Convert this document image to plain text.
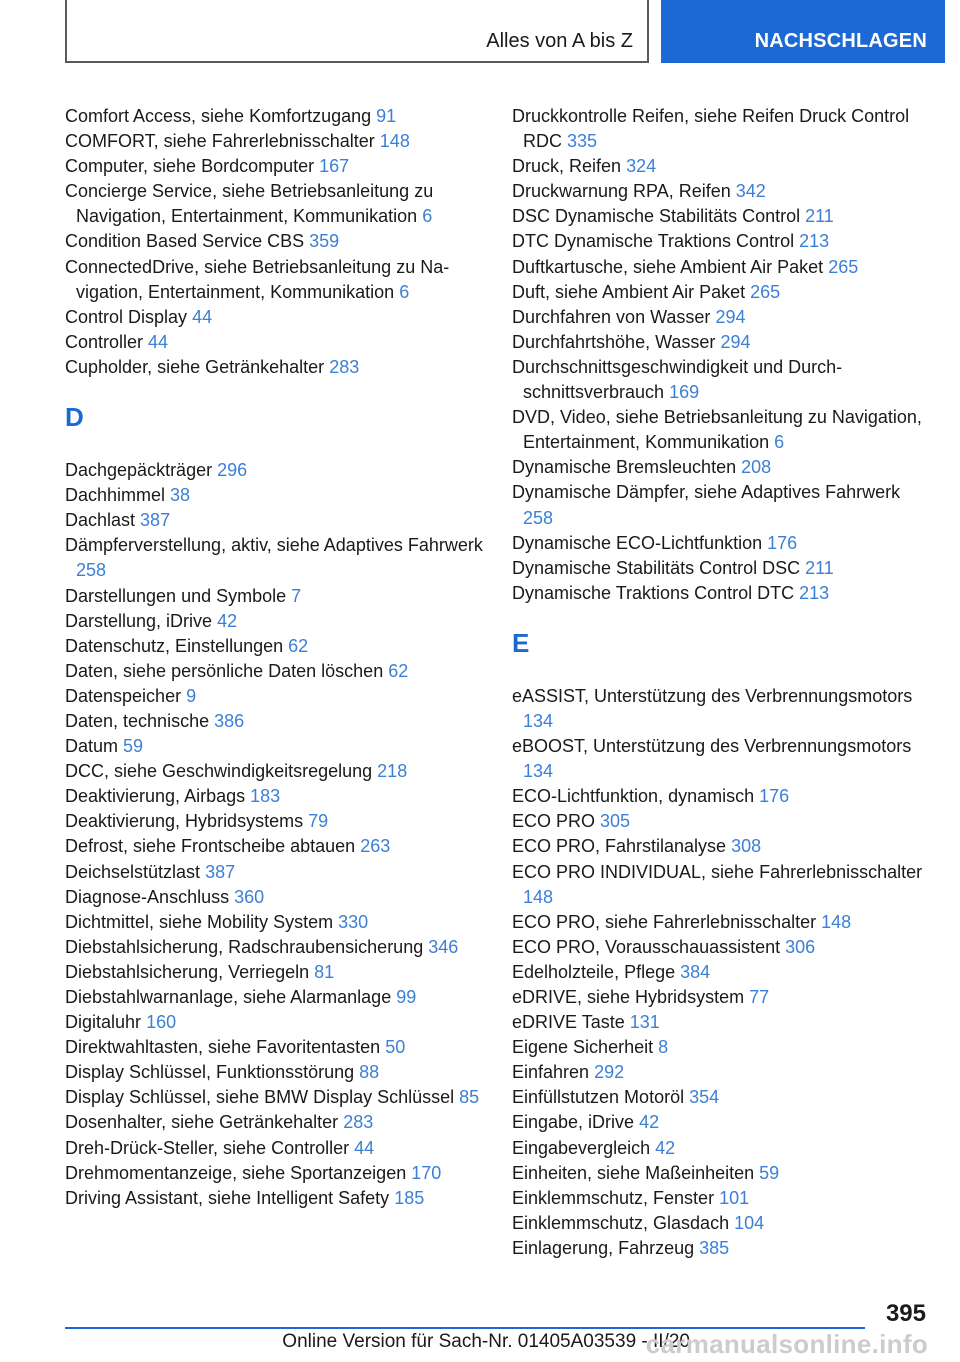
Alles von A bis Z	NACHSCHLAGEN
Comfort Access, siehe Komfortzugang 91
COMFORT, siehe Fahrerlebnisschalter 148
Computer, siehe Bordcomputer 167
Concierge Service, siehe Betriebsanleitung zu Navigation, Entertainment, Kommunikation 6
Condition Based Service CBS 359
ConnectedDrive, siehe Betriebsanleitung zu Navigation, Entertainment, Kommunikation 6
Control Display 44
Controller 44
Cupholder, siehe Getränkehalter 283
D
Dachgepäckträger 296
Dachhimmel 38
Dachlast 387
Dämpferverstellung, aktiv, siehe Adaptives Fahrwerk 258
Darstellungen und Symbole 7
Darstellung, iDrive 42
Datenschutz, Einstellungen 62
Daten, siehe persönliche Daten löschen 62
Datenspeicher 9
Daten, technische 386
Datum 59
DCC, siehe Geschwindigkeitsregelung 218
Deaktivierung, Airbags 183
Deaktivierung, Hybridsystems 79
Defrost, siehe Frontscheibe abtauen 263
Deichselstützlast 387
Diagnose-Anschluss 360
Dichtmittel, siehe Mobility System 330
Diebstahlsicherung, Radschraubensicherung 346
Diebstahlsicherung, Verriegeln 81
Diebstahlwarnanlage, siehe Alarmanlage 99
Digitaluhr 160
Direktwahltasten, siehe Favoritentasten 50
Display Schlüssel, Funktionsstörung 88
Display Schlüssel, siehe BMW Display Schlüssel 85
Dosenhalter, siehe Getränkehalter 283
Dreh-Drück-Steller, siehe Controller 44
Drehmomentanzeige, siehe Sportanzeigen 170
Driving Assistant, siehe Intelligent Safety 185
Druckkontrolle Reifen, siehe Reifen Druck Control RDC 335
Druck, Reifen 324
Druckwarnung RPA, Reifen 342
DSC Dynamische Stabilitäts Control 211
DTC Dynamische Traktions Control 213
Duftkartusche, siehe Ambient Air Paket 265
Duft, siehe Ambient Air Paket 265
Durchfahren von Wasser 294
Durchfahrtshöhe, Wasser 294
Durchschnittsgeschwindigkeit und Durchschnittsverbrauch 169
DVD, Video, siehe Betriebsanleitung zu Navigation, Entertainment, Kommunikation 6
Dynamische Bremsleuchten 208
Dynamische Dämpfer, siehe Adaptives Fahrwerk 258
Dynamische ECO-Lichtfunktion 176
Dynamische Stabilitäts Control DSC 211
Dynamische Traktions Control DTC 213
E
eASSIST, Unterstützung des Verbrennungsmotors 134
eBOOST, Unterstützung des Verbrennungsmotors 134
ECO-Lichtfunktion, dynamisch 176
ECO PRO 305
ECO PRO, Fahrstilanalyse 308
ECO PRO INDIVIDUAL, siehe Fahrerlebnisschalter 148
ECO PRO, siehe Fahrerlebnisschalter 148
ECO PRO, Vorausschauassistent 306
Edelholzteile, Pflege 384
eDRIVE, siehe Hybridsystem 77
eDRIVE Taste 131
Eigene Sicherheit 8
Einfahren 292
Einfüllstutzen Motoröl 354
Eingabe, iDrive 42
Eingabevergleich 42
Einheiten, siehe Maßeinheiten 59
Einklemmschutz, Fenster 101
Einklemmschutz, Glasdach 104
Einlagerung, Fahrzeug 385
395
Online Version für Sach-Nr. 01405A03539 - II/20
carmanualsonline.info
